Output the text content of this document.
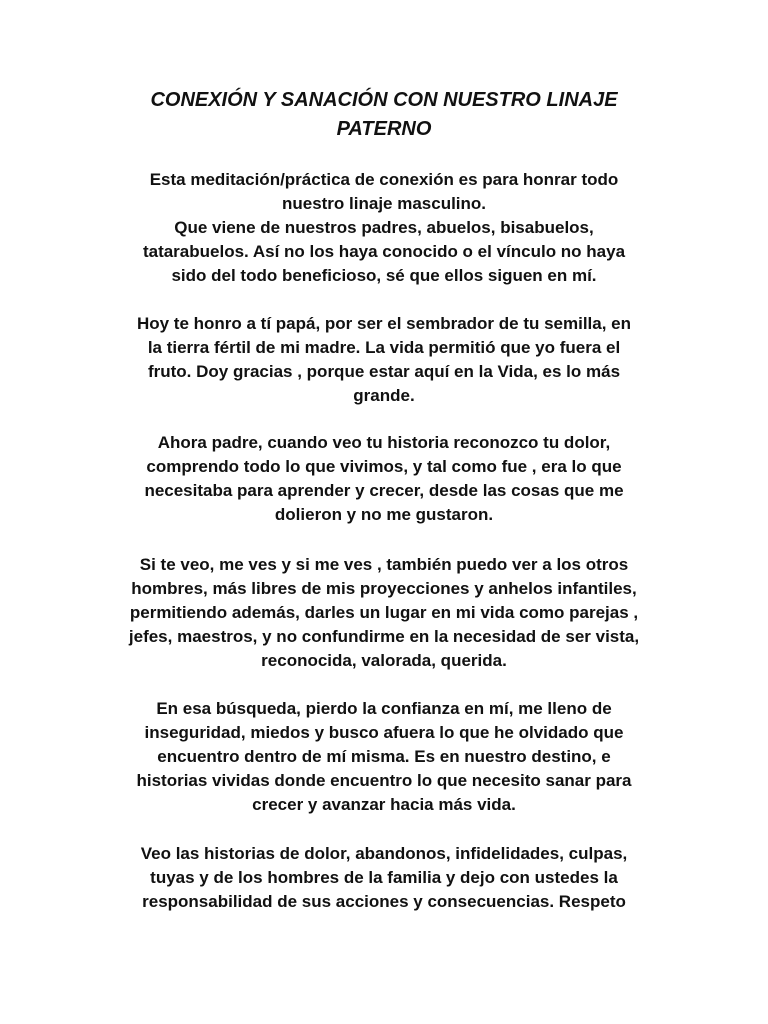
CONEXIÓN Y SANACIÓN CON NUESTRO LINAJE
PATERNO

Esta meditación/práctica de conexión es para honrar todo
nuestro linaje masculino.
Que viene de nuestros padres, abuelos, bisabuelos,
tatarabuelos. Así no los haya conocido o el vínculo no haya
sido del todo beneficioso, sé que ellos siguen en mí.

Hoy te honro a tí papá, por ser el sembrador de tu semilla, en
la tierra fértil de mi madre. La vida permitió que yo fuera el
fruto. Doy gracias , porque estar aquí en la Vida, es lo más
grande.

Ahora padre, cuando veo tu historia reconozco tu dolor,
comprendo todo lo que vivimos, y tal como fue , era lo que
necesitaba para aprender y crecer, desde las cosas que me
dolieron y no me gustaron.

Si te veo, me ves y si me ves , también puedo ver a los otros
hombres, más libres de mis proyecciones y anhelos infantiles,
permitiendo además, darles un lugar en mi vida como parejas ,
jefes, maestros, y no confundirme en la necesidad de ser vista,
reconocida, valorada, querida.

En esa búsqueda, pierdo la confianza en mí, me lleno de
inseguridad, miedos y busco afuera lo que he olvidado que
encuentro dentro de mí misma. Es en nuestro destino, e
historias vividas donde encuentro lo que necesito sanar para
crecer y avanzar hacia más vida.

Veo las historias de dolor, abandonos, infidelidades, culpas,
tuyas y de los hombres de la familia y dejo con ustedes la
responsabilidad de sus acciones y consecuencias. Respeto
